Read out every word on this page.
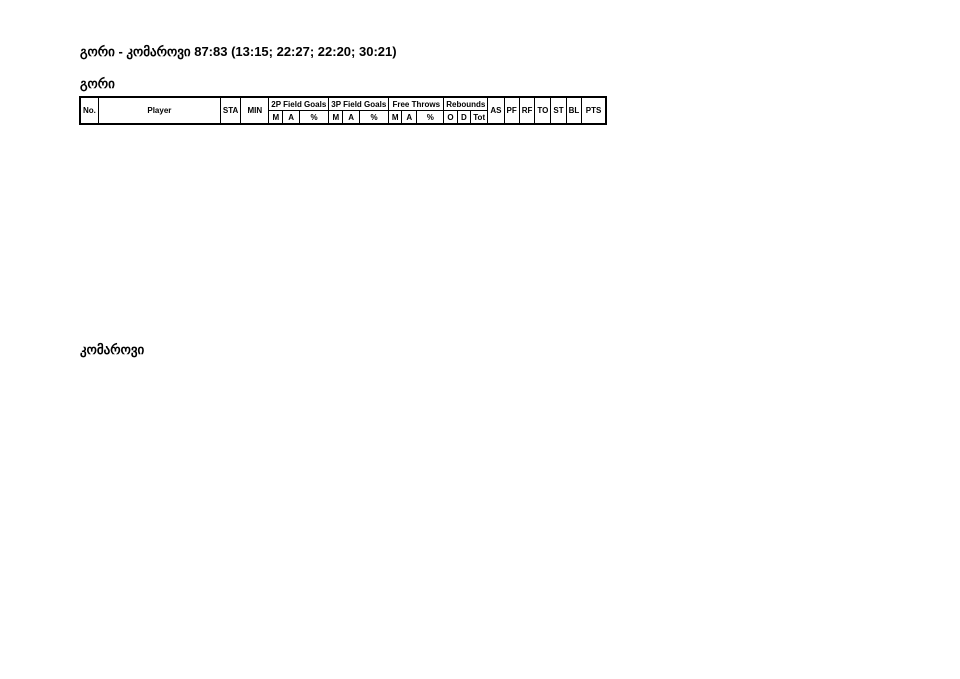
გორი - კომაროვი 87:83 (13:15; 22:27; 22:20; 30:21)
გორი
No.	Player	STA	MIN	2P Field Goals			3P Field Goals			Free Throws			Rebounds			AS	PF	RF	TO	ST	BL	PTS
				M	A	%	M	A	%	M	A	%	O	D	Tot							
კომაროვი
